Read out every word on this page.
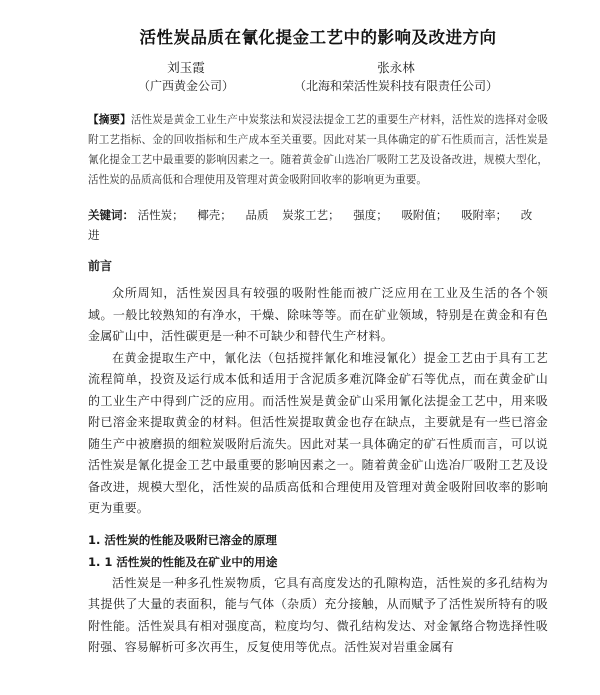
活性炭品质在氰化提金工艺中的影响及改进方向
刘玉霞
（广西黄金公司）
张永林
（北海和荣活性炭科技有限责任公司）
【摘要】活性炭是黄金工业生产中炭浆法和炭浸法提金工艺的重要生产材料，活性炭的选择对金吸附工艺指标、金的回收指标和生产成本至关重要。因此对某一具体确定的矿石性质而言，活性炭是氰化提金工艺中最重要的影响因素之一。随着黄金矿山选冶厂吸附工艺及设备改进，规模大型化，活性炭的品质高低和合理使用及管理对黄金吸附回收率的影响更为重要。
关键词： 活性炭； 椰壳； 品质 炭浆工艺； 强度； 吸附值； 吸附率； 改进
前言

众所周知，活性炭因具有较强的吸附性能而被广泛应用在工业及生活的各个领域。一般比较熟知的有净水，干燥、除味等等。而在矿业领域，特别是在黄金和有色金属矿山中，活性碳更是一种不可缺少和替代生产材料。

在黄金提取生产中，氰化法（包括搅拌氰化和堆浸氰化）提金工艺由于具有工艺流程简单，投资及运行成本低和适用于含泥质多难沉降金矿石等优点，而在黄金矿山的工业生产中得到广泛的应用。而活性炭是黄金矿山采用氰化法提金工艺中，用来吸附已溶金来提取黄金的材料。但活性炭提取黄金也存在缺点，主要就是有一些已溶金随生产中被磨损的细粒炭吸附后流失。因此对某一具体确定的矿石性质而言，可以说活性炭是氰化提金工艺中最重要的影响因素之一。随着黄金矿山选冶厂吸附工艺及设备改进，规模大型化，活性炭的品质高低和合理使用及管理对黄金吸附回收率的影响更为重要。

1. 活性炭的性能及吸附已溶金的原理
1. 1 活性炭的性能及在矿业中的用途

活性炭是一种多孔性炭物质，它具有高度发达的孔隙构造，活性炭的多孔结构为其提供了大量的表面积，能与气体（杂质）充分接触，从而赋予了活性炭所特有的吸附性能。活性炭具有相对强度高，粒度均匀、微孔结构发达、对金氰络合物选择性吸附强、容易解析可多次再生，反复使用等优点。活性炭对岩重金属有
